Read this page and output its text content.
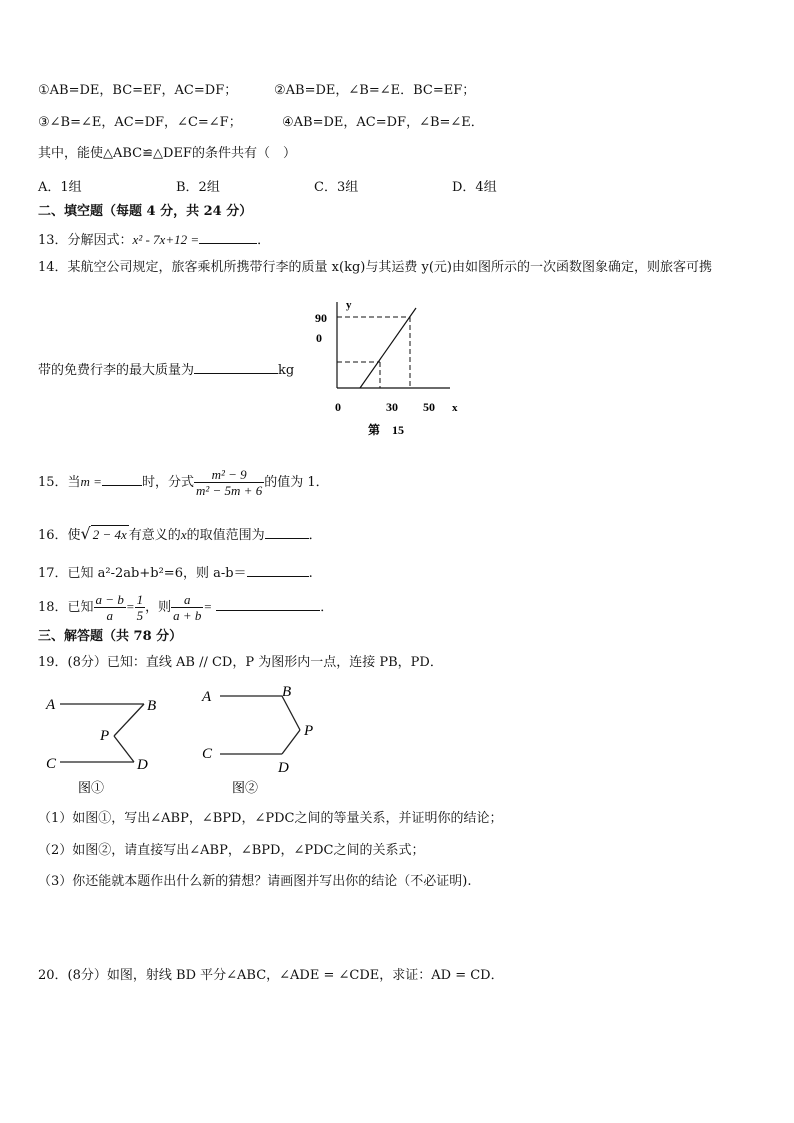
①AB=DE，BC=EF，AC=DF；	②AB=DE，∠B=∠E．BC=EF；
③∠B=∠E，AC=DF，∠C=∠F；	④AB=DE，AC=DF，∠B=∠E．
其中，能使△ABC≌△DEF的条件共有（　）
A．1组	B．2组	C．3组	D．4组
二、填空题（每题 4 分，共 24 分）
13．分解因式：x² - 7x+12 =	．
14．某航空公司规定，旅客乘机所携带行李的质量 x(kg)与其运费 y(元)由如图所示的一次函数图象确定，则旅客可携
带的免费行李的最大质量为	kg
y
90
0
0	30 50 x
第　15
15．当m =	时，分式 $\frac{\text{m² − 9}}{\text{m² − 5m + 6}}$ 的值为 1．
16．使√ 2 − 4x 有意义的x的取值范围为	．
17．已知 a²-2ab+b²=6，则 a-b＝	.
18．已知 $\frac{a - b}{a} = \frac{1}{5}$ ，则 $\frac{a}{a + b}$ =	．
三、解答题（共 78 分）
19．(8分）已知：直线 AB // CD，P 为图形内一点，连接 PB，PD．
A	B
P
C	D
图①
A	B
P
C
D
图②
（1）如图①，写出∠ABP，∠BPD，∠PDC之间的等量关系，并证明你的结论；
（2）如图②，请直接写出∠ABP，∠BPD，∠PDC之间的关系式；
（3）你还能就本题作出什么新的猜想？请画图并写出你的结论（不必证明).
20．(8分）如图，射线 BD 平分∠ABC，∠ADE = ∠CDE，求证：AD = CD．
